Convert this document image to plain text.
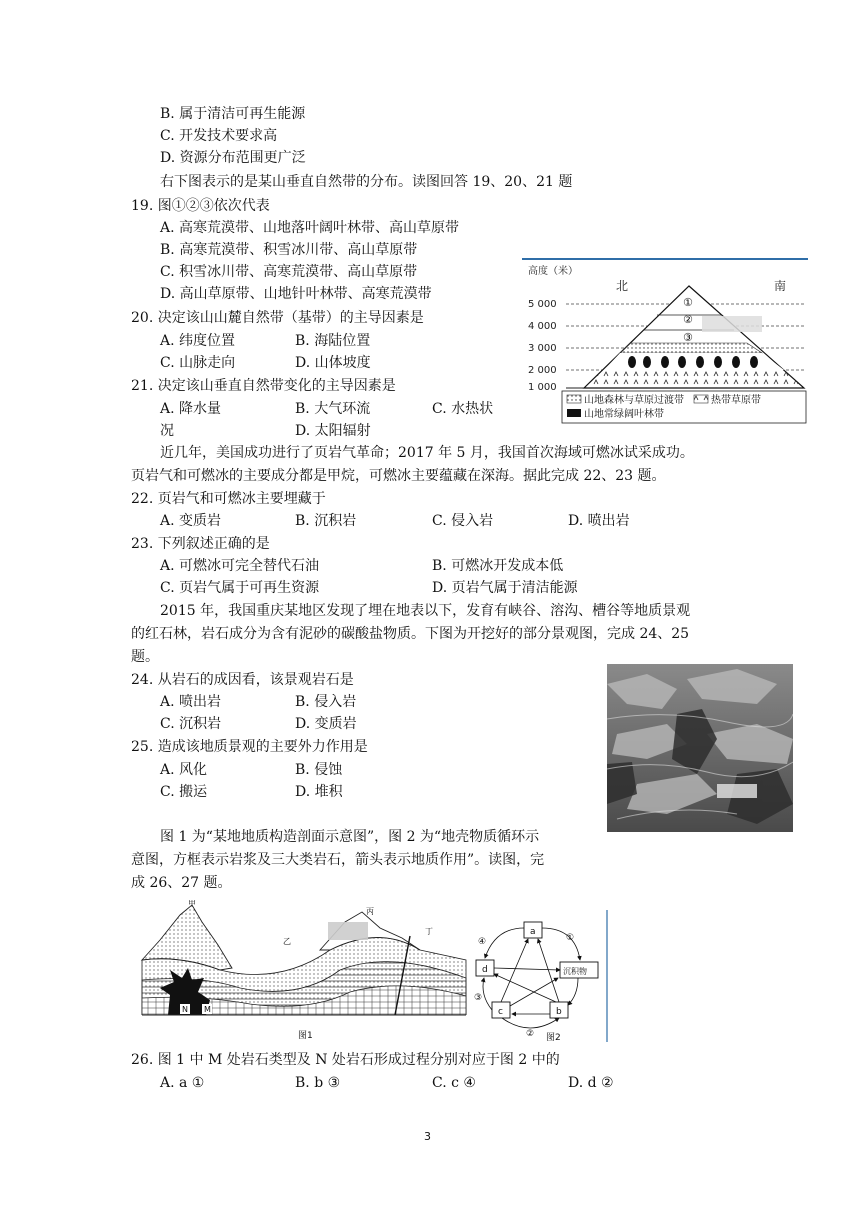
B. 属于清洁可再生能源
C. 开发技术要求高
D. 资源分布范围更广泛
右下图表示的是某山垂直自然带的分布。读图回答 19、20、21 题
19. 图①②③依次代表
A. 高寒荒漠带、山地落叶阔叶林带、高山草原带
B. 高寒荒漠带、积雪冰川带、高山草原带
C. 积雪冰川带、高寒荒漠带、高山草原带
D. 高山草原带、山地针叶林带、高寒荒漠带
20. 决定该山山麓自然带（基带）的主导因素是
A. 纬度位置	B. 海陆位置
C. 山脉走向	D. 山体坡度
21. 决定该山垂直自然带变化的主导因素是
A. 降水量	B. 大气环流	C. 水热状
况	D. 太阳辐射
近几年，美国成功进行了页岩气革命；2017 年 5 月，我国首次海域可燃冰试采成功。
页岩气和可燃冰的主要成分都是甲烷，可燃冰主要蕴藏在深海。据此完成 22、23 题。
22. 页岩气和可燃冰主要埋藏于
A. 变质岩	B. 沉积岩	C. 侵入岩	D. 喷出岩
23. 下列叙述正确的是
A. 可燃冰可完全替代石油	B. 可燃冰开发成本低
C. 页岩气属于可再生资源	D. 页岩气属于清洁能源
2015 年，我国重庆某地区发现了埋在地表以下，发育有峡谷、溶沟、槽谷等地质景观
的红石林，岩石成分为含有泥砂的碳酸盐物质。下图为开挖好的部分景观图，完成 24、25
题。
24. 从岩石的成因看，该景观岩石是
A. 喷出岩	B. 侵入岩
C. 沉积岩	D. 变质岩
25. 造成该地质景观的主要外力作用是
A. 风化	B. 侵蚀
C. 搬运	D. 堆积
图 1 为“某地地质构造剖面示意图”，图 2 为“地壳物质循环示
意图，方框表示岩浆及三大类岩石，箭头表示地质作用”。读图，完
成 26、27 题。
26. 图 1 中 M 处岩石类型及 N 处岩石形成过程分别对应于图 2 中的
A. a ①	B. b ③	C. c ④	D. d ②
高度（米）
北	南
5 000
4 000
3 000
2 000
1 000
①
②
③
山地森林与草原过渡带	热带草原带
山地常绿阔叶林带
甲
乙
丙
丁
N M
图1
a
d	沉积物
c	b
④	①
③
② 图2
3
